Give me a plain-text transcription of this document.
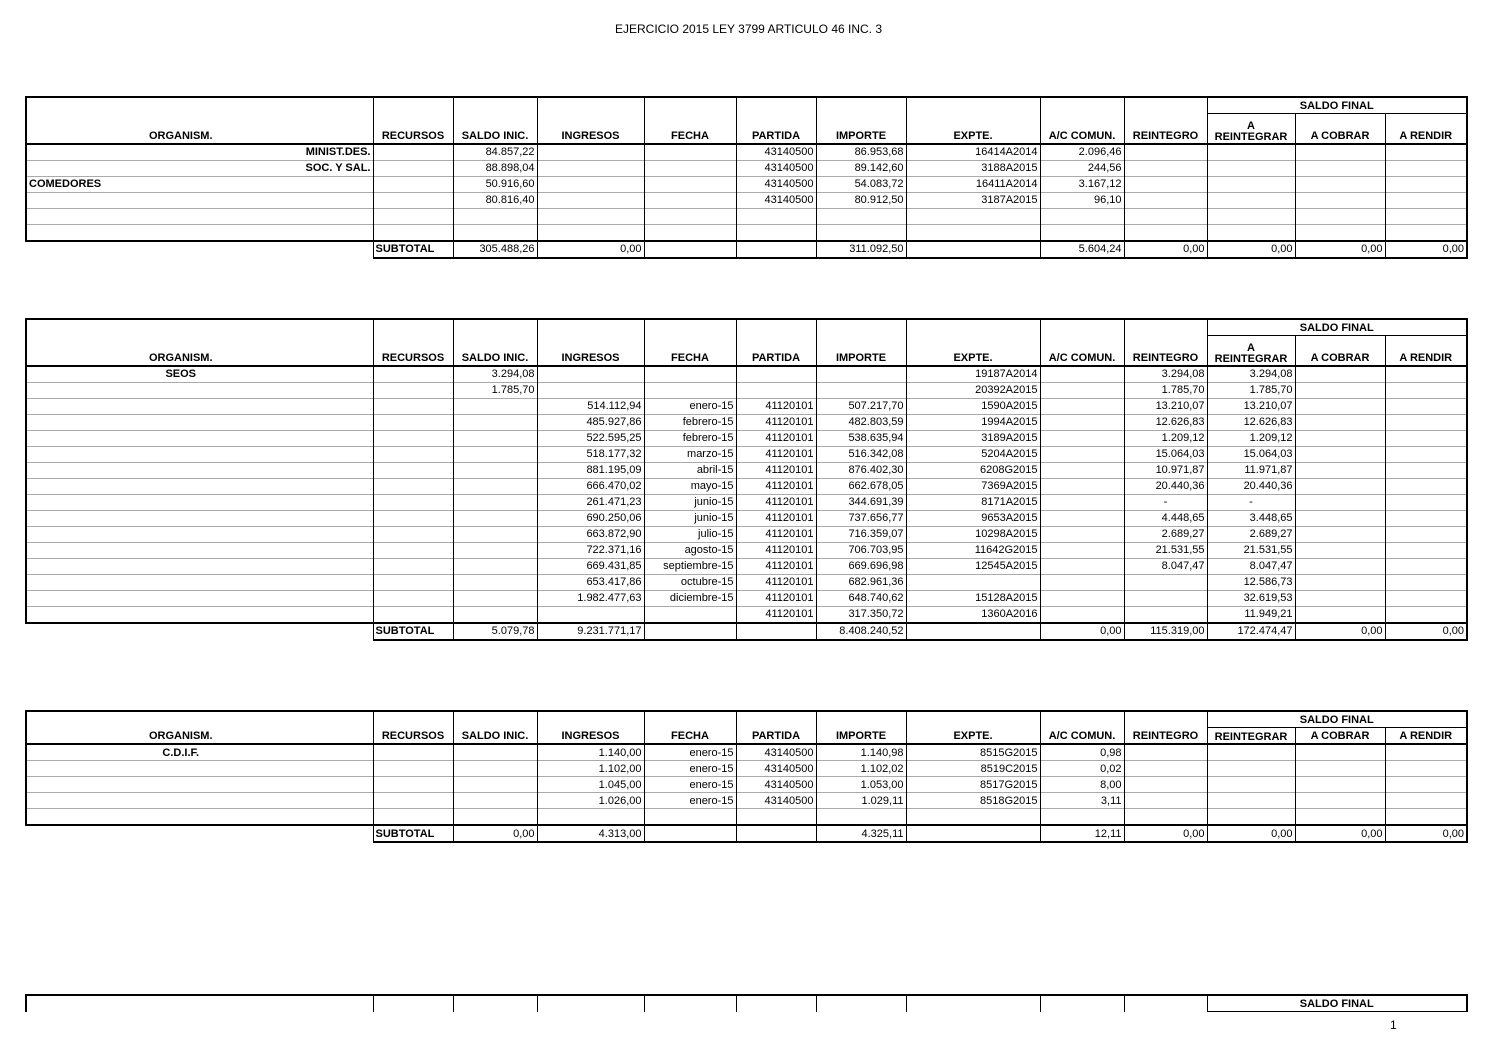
EJERCICIO 2015 LEY 3799 ARTICULO 46 INC. 3
										SALDO FINAL		
ORGANISM.	RECURSOS	SALDO INIC.	INGRESOS	FECHA	PARTIDA	IMPORTE	EXPTE.	A/C COMUN.	REINTEGRO	A
REINTEGRAR	A COBRAR	A RENDIR
MINIST.DES.		84.857,22			43140500	86.953,68	16414A2014	2.096,46				
SOC. Y SAL.		88.898,04			43140500	89.142,60	3188A2015	244,56				
COMEDORES		50.916,60			43140500	54.083,72	16411A2014	3.167,12				
		80.816,40			43140500	80.912,50	3187A2015	96,10				

	SUBTOTAL	305.488,26	0,00			311.092,50		5.604,24	0,00	0,00	0,00	0,00
										SALDO FINAL		
ORGANISM.	RECURSOS	SALDO INIC.	INGRESOS	FECHA	PARTIDA	IMPORTE	EXPTE.	A/C COMUN.	REINTEGRO	A
REINTEGRAR	A COBRAR	A RENDIR
SEOS		3.294,08					19187A2014		3.294,08	3.294,08		
		1.785,70					20392A2015		1.785,70	1.785,70		
			514.112,94	enero-15	41120101	507.217,70	1590A2015		13.210,07	13.210,07		
			485.927,86	febrero-15	41120101	482.803,59	1994A2015		12.626,83	12.626,83		
			522.595,25	febrero-15	41120101	538.635,94	3189A2015		1.209,12	1.209,12		
			518.177,32	marzo-15	41120101	516.342,08	5204A2015		15.064,03	15.064,03		
			881.195,09	abril-15	41120101	876.402,30	6208G2015		10.971,87	11.971,87		
			666.470,02	mayo-15	41120101	662.678,05	7369A2015		20.440,36	20.440,36		
			261.471,23	junio-15	41120101	344.691,39	8171A2015		-	-		
			690.250,06	junio-15	41120101	737.656,77	9653A2015		4.448,65	3.448,65		
			663.872,90	julio-15	41120101	716.359,07	10298A2015		2.689,27	2.689,27		
			722.371,16	agosto-15	41120101	706.703,95	11642G2015		21.531,55	21.531,55		
			669.431,85	septiembre-15	41120101	669.696,98	12545A2015		8.047,47	8.047,47		
			653.417,86	octubre-15	41120101	682.961,36				12.586,73		
			1.982.477,63	diciembre-15	41120101	648.740,62	15128A2015			32.619,53		
					41120101	317.350,72	1360A2016			11.949,21		
	SUBTOTAL	5.079,78	9.231.771,17			8.408.240,52		0,00	115.319,00	172.474,47	0,00	0,00
										SALDO FINAL		
ORGANISM.	RECURSOS	SALDO INIC.	INGRESOS	FECHA	PARTIDA	IMPORTE	EXPTE.	A/C COMUN.	REINTEGRO	REINTEGRAR	A COBRAR	A RENDIR
C.D.I.F.			1.140,00	enero-15	43140500	1.140,98	8515G2015	0,98				
			1.102,00	enero-15	43140500	1.102,02	8519C2015	0,02				
			1.045,00	enero-15	43140500	1.053,00	8517G2015	8,00				
			1.026,00	enero-15	43140500	1.029,11	8518G2015	3,11				

	SUBTOTAL	0,00	4.313,00			4.325,11		12,11	0,00	0,00	0,00	0,00
										SALDO FINAL
1
